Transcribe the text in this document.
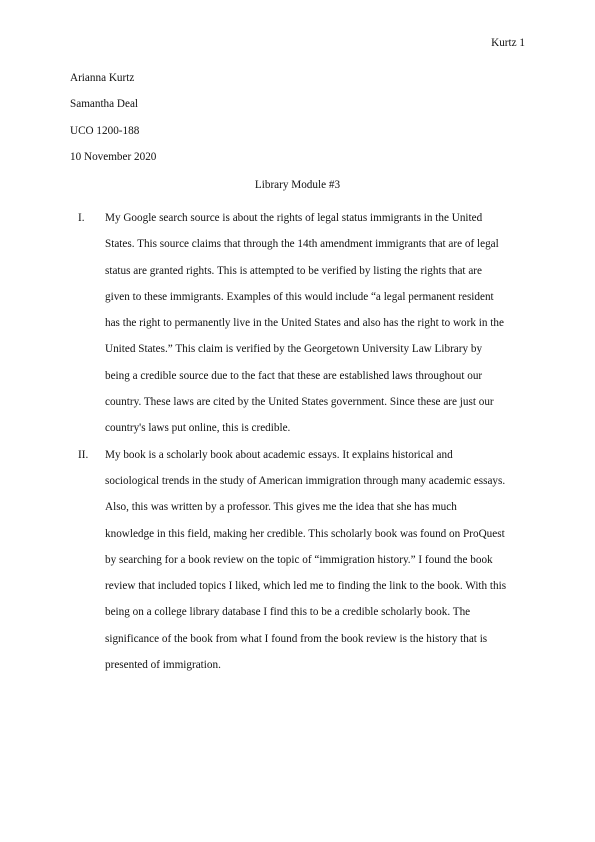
Kurtz 1
Arianna Kurtz
Samantha Deal
UCO 1200-188
10 November 2020
Library Module #3
I.	My Google search source is about the rights of legal status immigrants in the United
States. This source claims that through the 14th amendment immigrants that are of legal
status are granted rights. This is attempted to be verified by listing the rights that are
given to these immigrants. Examples of this would include “a legal permanent resident
has the right to permanently live in the United States and also has the right to work in the
United States.” This claim is verified by the Georgetown University Law Library by
being a credible source due to the fact that these are established laws throughout our
country. These laws are cited by the United States government. Since these are just our
country's laws put online, this is credible.
II.	My book is a scholarly book about academic essays. It explains historical and
sociological trends in the study of American immigration through many academic essays.
Also, this was written by a professor. This gives me the idea that she has much
knowledge in this field, making her credible. This scholarly book was found on ProQuest
by searching for a book review on the topic of “immigration history.” I found the book
review that included topics I liked, which led me to finding the link to the book. With this
being on a college library database I find this to be a credible scholarly book. The
significance of the book from what I found from the book review is the history that is
presented of immigration.
